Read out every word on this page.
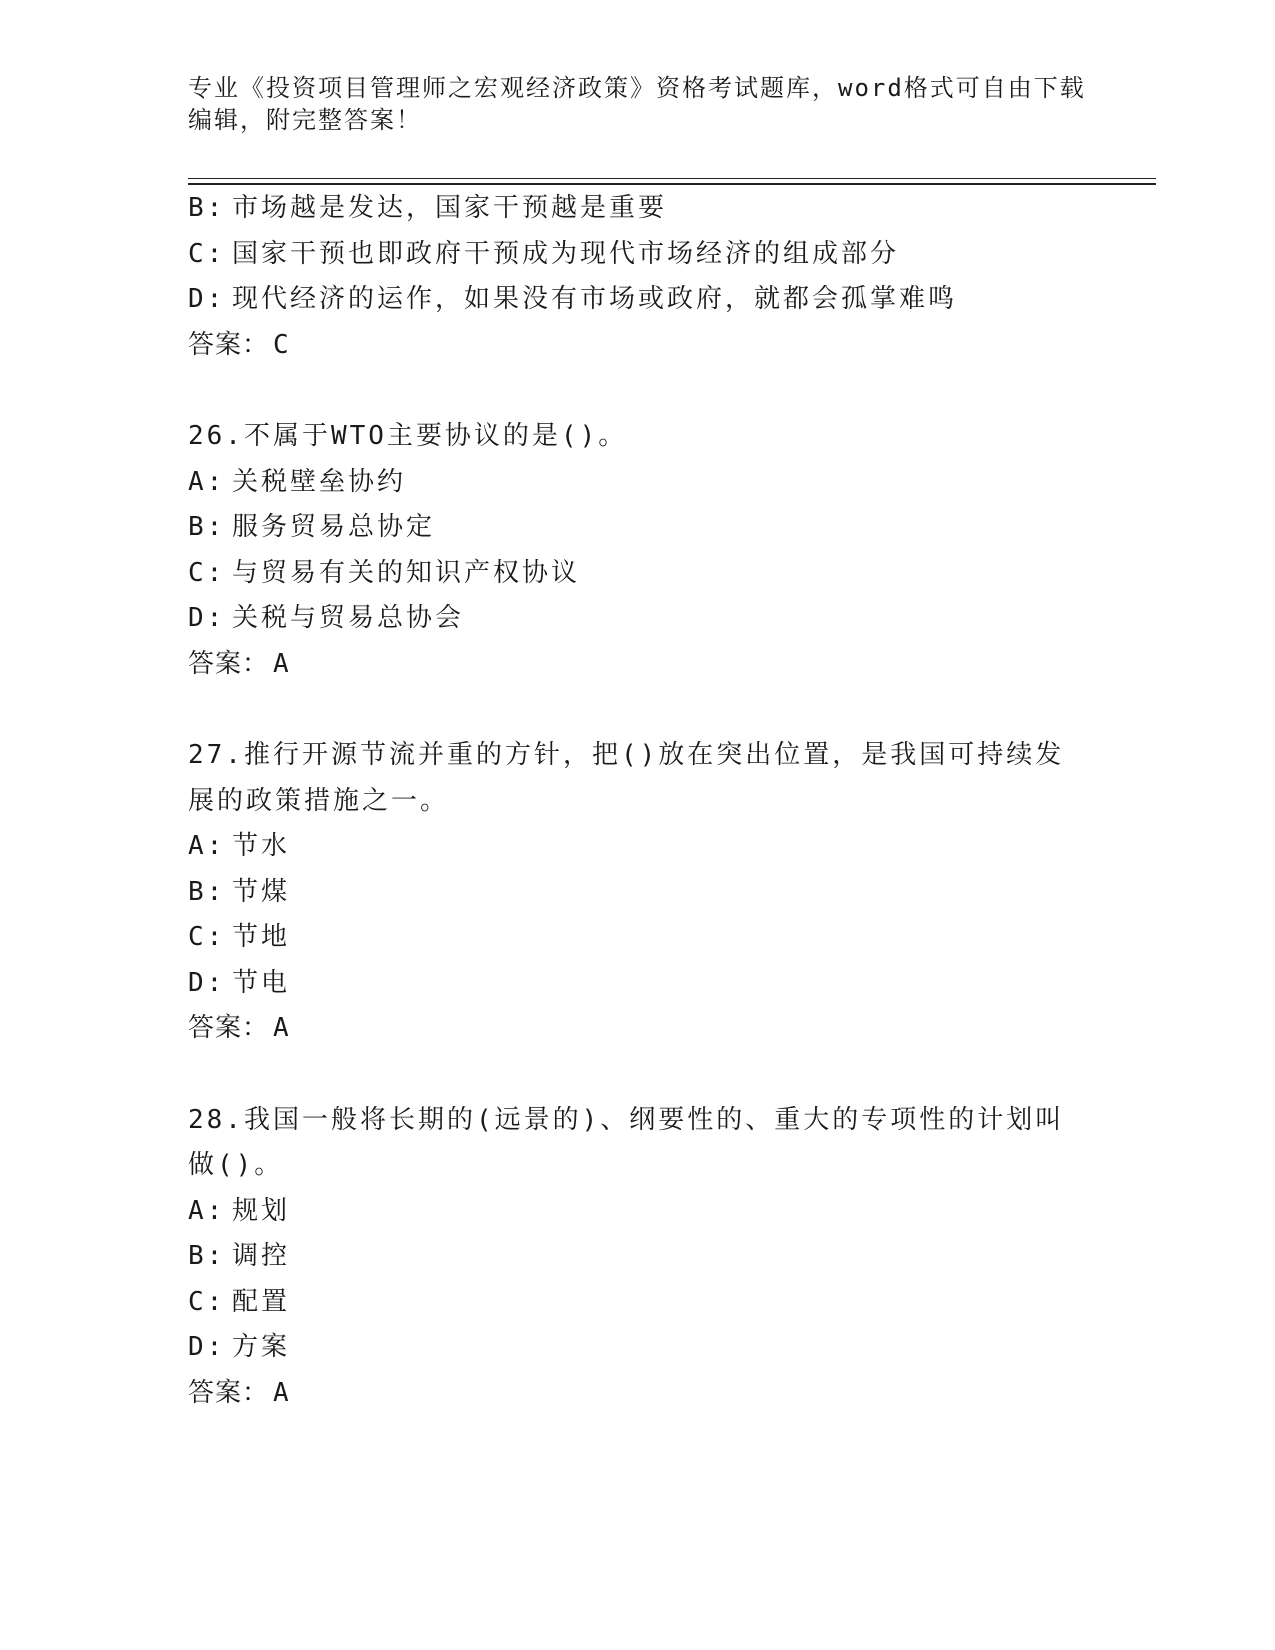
专业《投资项目管理师之宏观经济政策》资格考试题库，word格式可自由下载编辑，附完整答案！
B: 市场越是发达，国家干预越是重要
C: 国家干预也即政府干预成为现代市场经济的组成部分
D: 现代经济的运作，如果没有市场或政府，就都会孤掌难鸣
答案： C
26.不属于WTO主要协议的是()。
A: 关税壁垒协约
B: 服务贸易总协定
C: 与贸易有关的知识产权协议
D: 关税与贸易总协会
答案： A
27.推行开源节流并重的方针，把()放在突出位置，是我国可持续发展的政策措施之一。
A: 节水
B: 节煤
C: 节地
D: 节电
答案： A
28.我国一般将长期的(远景的)、纲要性的、重大的专项性的计划叫做()。
A: 规划
B: 调控
C: 配置
D: 方案
答案： A
